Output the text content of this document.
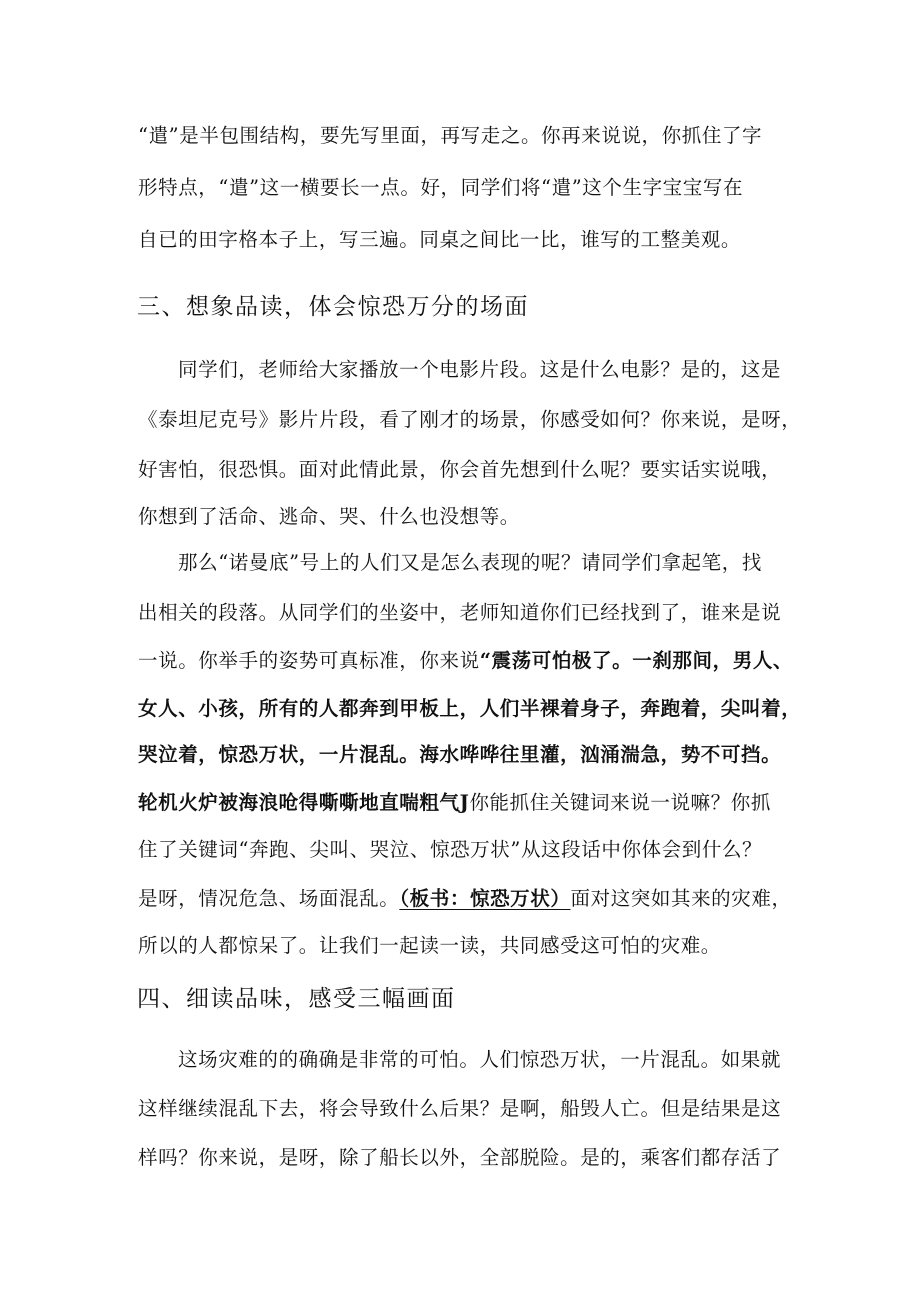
“遣”是半包围结构，要先写里面，再写走之。你再来说说，你抓住了字
形特点，“遣”这一横要长一点。好，同学们将“遣”这个生字宝宝写在
自已的田字格本子上，写三遍。同桌之间比一比，谁写的工整美观。
三、想象品读，体会惊恐万分的场面
同学们，老师给大家播放一个电影片段。这是什么电影？是的，这是
《泰坦尼克号》影片片段，看了刚才的场景，你感受如何？你来说，是呀，
好害怕，很恐惧。面对此情此景，你会首先想到什么呢？要实话实说哦，
你想到了活命、逃命、哭、什么也没想等。
那么“诺曼底”号上的人们又是怎么表现的呢？请同学们拿起笔，找
出相关的段落。从同学们的坐姿中，老师知道你们已经找到了，谁来是说
一说。你举手的姿势可真标准，你来说“震荡可怕极了。一刹那间，男人、
女人、小孩，所有的人都奔到甲板上，人们半裸着身子，奔跑着，尖叫着，
哭泣着，惊恐万状，一片混乱。海水哗哗往里灌，汹涌湍急，势不可挡。
轮机火炉被海浪呛得嘶嘶地直喘粗气J你能抓住关键词来说一说嘛？你抓
住了关键词“奔跑、尖叫、哭泣、惊恐万状”从这段话中你体会到什么？
是呀，情况危急、场面混乱。（板书：惊恐万状）面对这突如其来的灾难，
所以的人都惊呆了。让我们一起读一读，共同感受这可怕的灾难。
四、细读品味，感受三幅画面
这场灾难的的确确是非常的可怕。人们惊恐万状，一片混乱。如果就
这样继续混乱下去，将会导致什么后果？是啊，船毁人亡。但是结果是这
样吗？你来说，是呀，除了船长以外，全部脱险。是的，乘客们都存活了
